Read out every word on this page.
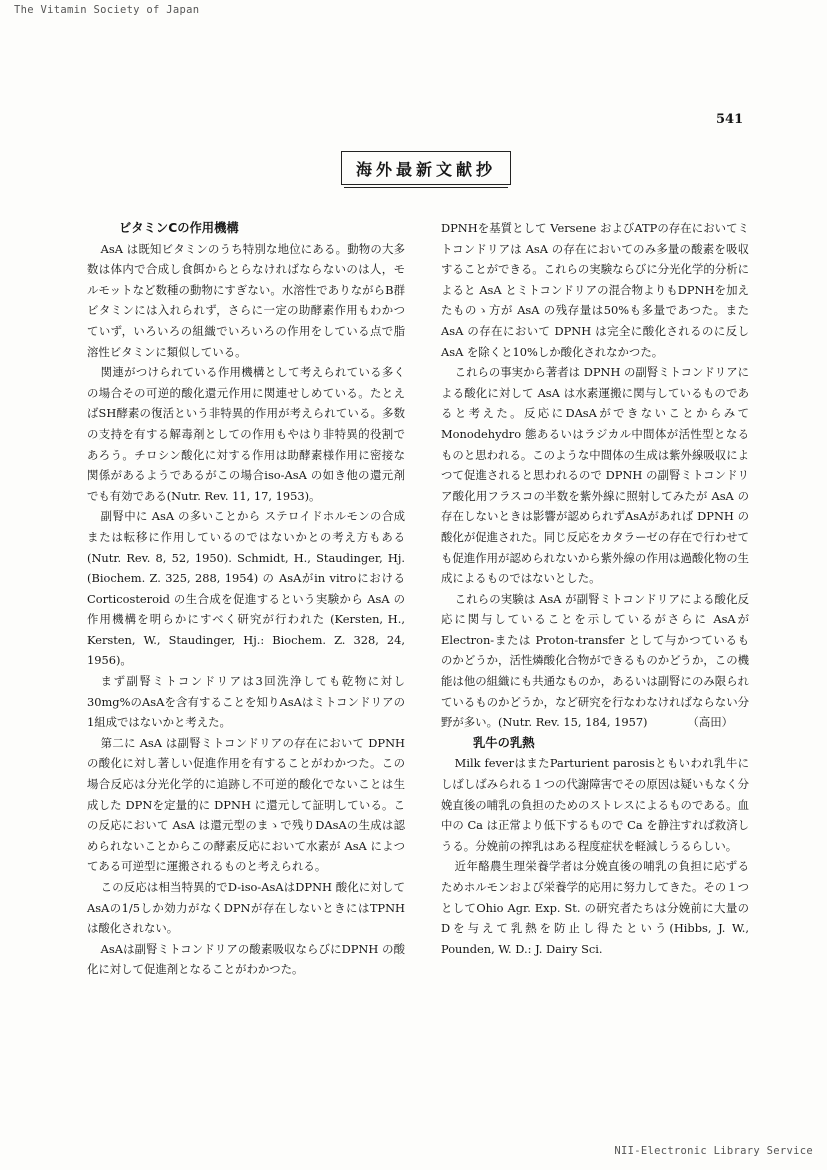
The Vitamin Society of Japan
541
海外最新文献抄
ビタミンCの作用機構

AsA は既知ビタミンのうち特別な地位にある。動物の大多数は体内で合成し食餌からとらなければならないのは人，モルモットなど数種の動物にすぎない。水溶性でありながらB群ビタミンには入れられず，さらに一定の助酵素作用もわかつていず，いろいろの組織でいろいろの作用をしている点で脂溶性ビタミンに類似している。

関連がつけられている作用機構として考えられている多くの場合その可逆的酸化還元作用に関連せしめている。たとえばSH酵素の復活という非特異的作用が考えられている。多数の支持を有する解毒剤としての作用もやはり非特異的役割であろう。チロシン酸化に対する作用は助酵素様作用に密接な関係があるようであるがこの場合iso-AsA の如き他の還元剤でも有効である(Nutr. Rev. 11, 17, 1953)。

副腎中に AsA の多いことから ステロイドホルモンの合成または転移に作用しているのではないかとの考え方もある(Nutr. Rev. 8, 52, 1950). Schmidt, H., Staudinger, Hj. (Biochem. Z. 325, 288, 1954) の AsAがin vitroにおける Corticosteroid の生合成を促進するという実験から AsA の作用機構を明らかにすべく研究が行われた (Kersten, H., Kersten, W., Staudinger, Hj.: Biochem. Z. 328, 24, 1956)。

まず副腎ミトコンドリアは3回洗浄しても乾物に対し30mg%のAsAを含有することを知りAsAはミトコンドリアの1組成ではないかと考えた。

第二に AsA は副腎ミトコンドリアの存在において DPNH の酸化に対し著しい促進作用を有することがわかつた。この場合反応は分光化学的に追跡し不可逆的酸化でないことは生成した DPNを定量的に DPNH に還元して証明している。この反応において AsA は還元型のまゝで残りDAsAの生成は認められないことからこの酵素反応において水素が AsA によつてある可逆型に運搬されるものと考えられる。

この反応は相当特異的でD-iso-AsAはDPNH 酸化に対してAsAの1/5しか効力がなくDPNが存在しないときにはTPNHは酸化されない。

AsAは副腎ミトコンドリアの酸素吸収ならびにDPNH の酸化に対して促進剤となることがわかつた。

DPNHを基質として Versene およびATPの存在においてミトコンドリアは AsA の存在においてのみ多量の酸素を吸収することができる。これらの実験ならびに分光化学的分析によると AsA とミトコンドリアの混合物よりもDPNHを加えたものゝ方が AsA の残存量は50%も多量であつた。また AsA の存在において DPNH は完全に酸化されるのに反し AsA を除くと10%しか酸化されなかつた。

これらの事実から著者は DPNH の副腎ミトコンドリアによる酸化に対して AsA は水素運搬に関与しているものであると考えた。反応にDAsAができないことからみてMonodehydro 態あるいはラジカル中間体が活性型となるものと思われる。このような中間体の生成は紫外線吸収によつて促進されると思われるので DPNH の副腎ミトコンドリア酸化用フラスコの半数を紫外線に照射してみたが AsA の存在しないときは影響が認められずAsAがあれば DPNH の酸化が促進された。同じ反応をカタラーゼの存在で行わせても促進作用が認められないから紫外線の作用は過酸化物の生成によるものではないとした。

これらの実験は AsA が副腎ミトコンドリアによる酸化反応に関与していることを示しているがさらに AsAが Electron-または Proton-transfer として与かつているものかどうか，活性燐酸化合物ができるものかどうか，この機能は他の組織にも共通なものか，あるいは副腎にのみ限られているものかどうか，など研究を行なわなければならない分野が多い。(Nutr. Rev. 15, 184, 1957)	（高田）

乳牛の乳熱

Milk feverはまたParturient parosisともいわれ乳牛にしばしばみられる１つの代謝障害でその原因は疑いもなく分娩直後の哺乳の負担のためのストレスによるものである。血中の Ca は正常より低下するもので Ca を静注すれば救済しうる。分娩前の搾乳はある程度症状を軽減しうるらしい。

近年酪農生理栄養学者は分娩直後の哺乳の負担に応ずるためホルモンおよび栄養学的応用に努力してきた。その１つとしてOhio Agr. Exp. St. の研究者たちは分娩前に大量のDを与えて乳熱を防止し得たという(Hibbs, J. W., Pounden, W. D.: J. Dairy Sci.

NII-Electronic Library Service
